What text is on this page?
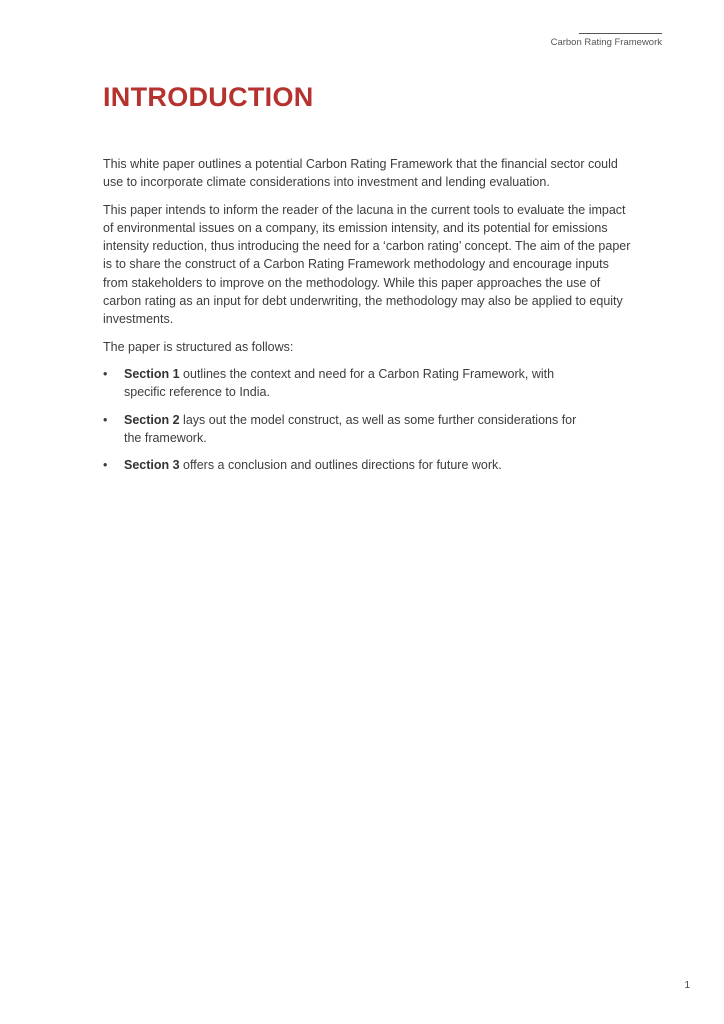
Carbon Rating Framework
INTRODUCTION

This white paper outlines a potential Carbon Rating Framework that the financial sector could use to incorporate climate considerations into investment and lending evaluation.

This paper intends to inform the reader of the lacuna in the current tools to evaluate the impact of environmental issues on a company, its emission intensity, and its potential for emissions intensity reduction, thus introducing the need for a ‘carbon rating’ concept. The aim of the paper is to share the construct of a Carbon Rating Framework methodology and encourage inputs from stakeholders to improve on the methodology. While this paper approaches the use of carbon rating as an input for debt underwriting, the methodology may also be applied to equity investments.

The paper is structured as follows:

• Section 1 outlines the context and need for a Carbon Rating Framework, with specific reference to India.
• Section 2 lays out the model construct, as well as some further considerations for the framework.
• Section 3 offers a conclusion and outlines directions for future work.
1
